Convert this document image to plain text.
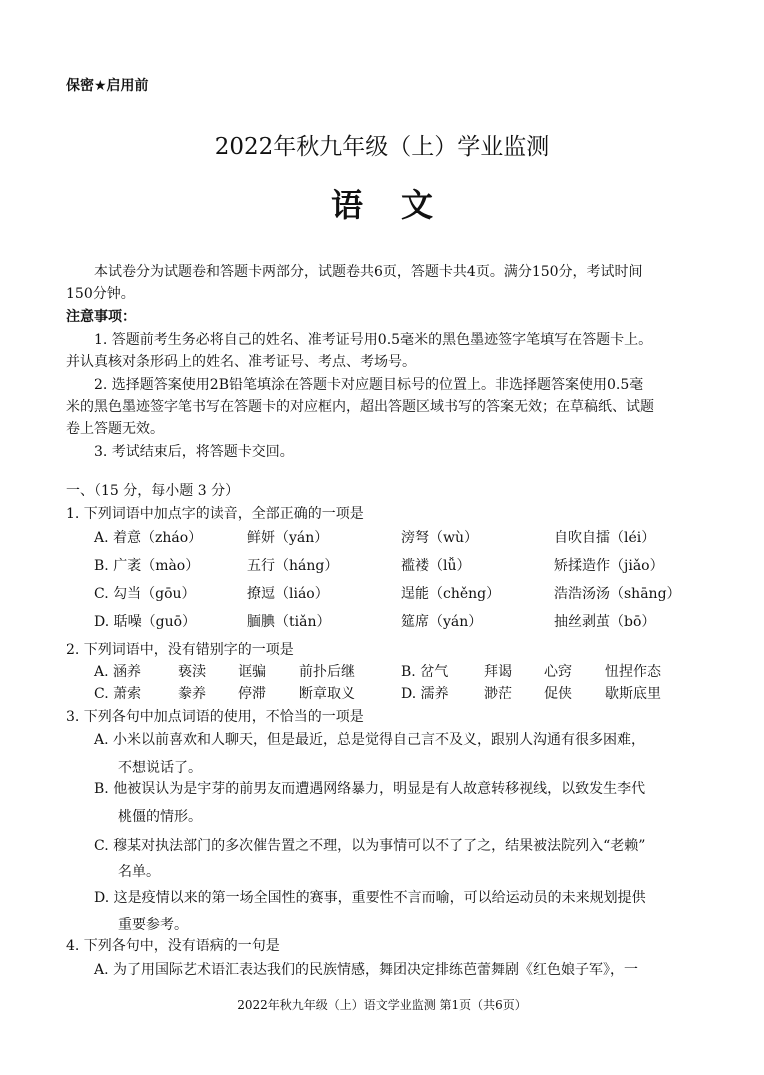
保密★启用前
2022年秋九年级（上）学业监测
语文
本试卷分为试题卷和答题卡两部分，试题卷共6页，答题卡共4页。满分150分，考试时间
150分钟。
注意事项：
1. 答题前考生务必将自己的姓名、准考证号用0.5毫米的黑色墨迹签字笔填写在答题卡上。
并认真核对条形码上的姓名、准考证号、考点、考场号。
2. 选择题答案使用2B铅笔填涂在答题卡对应题目标号的位置上。非选择题答案使用0.5毫
米的黑色墨迹签字笔书写在答题卡的对应框内，超出答题区域书写的答案无效；在草稿纸、试题
卷上答题无效。
3. 考试结束后，将答题卡交回。
一、（15 分，每小题 3 分）
1. 下列词语中加点字的读音，全部正确的一项是
A. 着意（zháo）	鲜妍（yán）	滂弩（wù）	自吹自擂（léi）
B. 广袤（mào）	五行（háng）	褴褛（lǚ）	矫揉造作（jiǎo）
C. 勾当（gōu）	撩逗（liáo）	逞能（chěng）	浩浩汤汤（shāng）
D. 聒噪（guō）	腼腆（tiǎn）	筵席（yán）	抽丝剥茧（bō）
2. 下列词语中，没有错别字的一项是
A. 涵养	亵渎 诓骗 前扑后继	B. 岔气	拜谒 心窍 忸捏作态
C. 萧索	豢养 停滞 断章取义	D. 濡养	渺茫 促侠 歇斯底里
3. 下列各句中加点词语的使用，不恰当的一项是
A. 小米以前喜欢和人聊天，但是最近，总是觉得自己言不及义，跟别人沟通有很多困难，
不想说话了。
B. 他被误认为是宇芽的前男友而遭遇网络暴力，明显是有人故意转移视线，以致发生李代
桃僵的情形。
C. 穆某对执法部门的多次催告置之不理，以为事情可以不了了之，结果被法院列入“老赖”
名单。
D. 这是疫情以来的第一场全国性的赛事，重要性不言而喻，可以给运动员的未来规划提供
重要参考。
4. 下列各句中，没有语病的一句是
A. 为了用国际艺术语汇表达我们的民族情感，舞团决定排练芭蕾舞剧《红色娘子军》，一
2022年秋九年级（上）语文学业监测 第1页（共6页）
